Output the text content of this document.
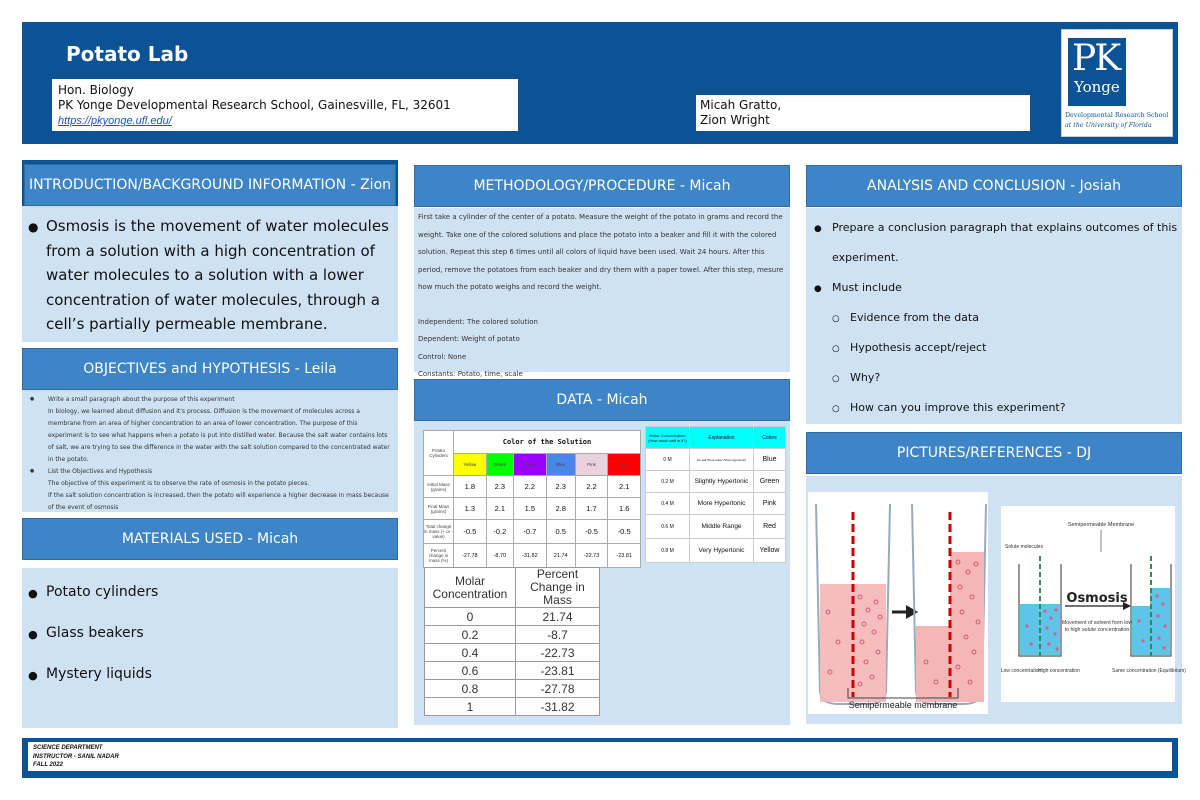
Potato Lab
Hon. Biology
PK Yonge Developmental Research School, Gainesville, FL, 32601
https://pkyonge.ufl.edu/
Micah Gratto,
Zion Wright
PK
Yonge
Developmental Research School
at the University of Florida
INTRODUCTION/BACKGROUND INFORMATION - Zion
● Osmosis is the movement of water molecules from a solution with a high concentration of water molecules to a solution with a lower concentration of water molecules, through a cell’s partially permeable membrane.
OBJECTIVES and HYPOTHESIS - Leila
● Write a small paragraph about the purpose of this experiment
In biology, we learned about diffusion and it's process. Diffusion is the movement of molecules across a membrane from an area of higher concentration to an area of lower concentration. The purpose of this experiment is to see what happens when a potato is put into distilled water. Because the salt water contains lots of salt, we are trying to see the difference in the water with the salt solution compared to the concentrated water in the potato.
● List the Objectives and Hypothesis
The objective of this experiment is to observe the rate of osmosis in the potato pieces.
If the salt solution concentration is increased, then the potato will experience a higher decrease in mass because of the event of osmosis
MATERIALS USED - Micah
● Potato cylinders
● Glass beakers
● Mystery liquids
METHODOLOGY/PROCEDURE - Micah
First take a cylinder of the center of a potato. Measure the weight of the potato in grams and record the weight. Take one of the colored solutions and place the potato into a beaker and fill it with the colored solution. Repeat this step 6 times until all colors of liquid have been used. Wait 24 hours. After this period, remove the potatoes from each beaker and dry them with a paper towel. After this step, mesure how much the potato weighs and record the weight.
Independent: The colored solution
Dependent: Weight of potato
Control: None
Constants: Potato, time, scale
DATA - Micah
Potato Cylinders	Color of the Solution					
	Yellow	Green	Purple	Blue	Pink	Red
Initial Mass (grams)	1.8	2.3	2.2	2.3	2.2	2.1
Final Mass (grams)	1.3	2.1	1.5	2.8	1.7	1.6
Total change in mass (+ or - value)	-0.5	-0.2	-0.7	0.5	-0.5	-0.5
Percent change in mass (%)	-27.78	-8.70	-31.82	21.74	-22.73	-23.81
Molar Concentration (How much salt in it?)	Explanation	Colors
0 M	No salt (Pure water /Most Hypotonic)	Blue
0.2 M	Slightly Hypertonic	Green
0.4 M	More Hypertonic	Pink
0.6 M	Middle Range	Red
0.8 M	Very Hypertonic	Yellow
Molar Concentration	Percent Change in Mass
0	21.74
0.2	-8.7
0.4	-22.73
0.6	-23.81
0.8	-27.78
1	-31.82
ANALYSIS AND CONCLUSION - Josiah
● Prepare a conclusion paragraph that explains outcomes of this experiment.
● Must include
○ Evidence from the data
○ Hypothesis accept/reject
○ Why?
○ How can you improve this experiment?
PICTURES/REFERENCES - DJ
Semipermeable membrane
Semipermeable Membrane
Solute molecules
Osmosis
Movement of solvent from low
to high solute concentration
Low concentration
High concentration	Same concentration (Equilibrium)
SCIENCE DEPARTMENT
INSTRUCTOR - SANIL NADAR
FALL 2022
